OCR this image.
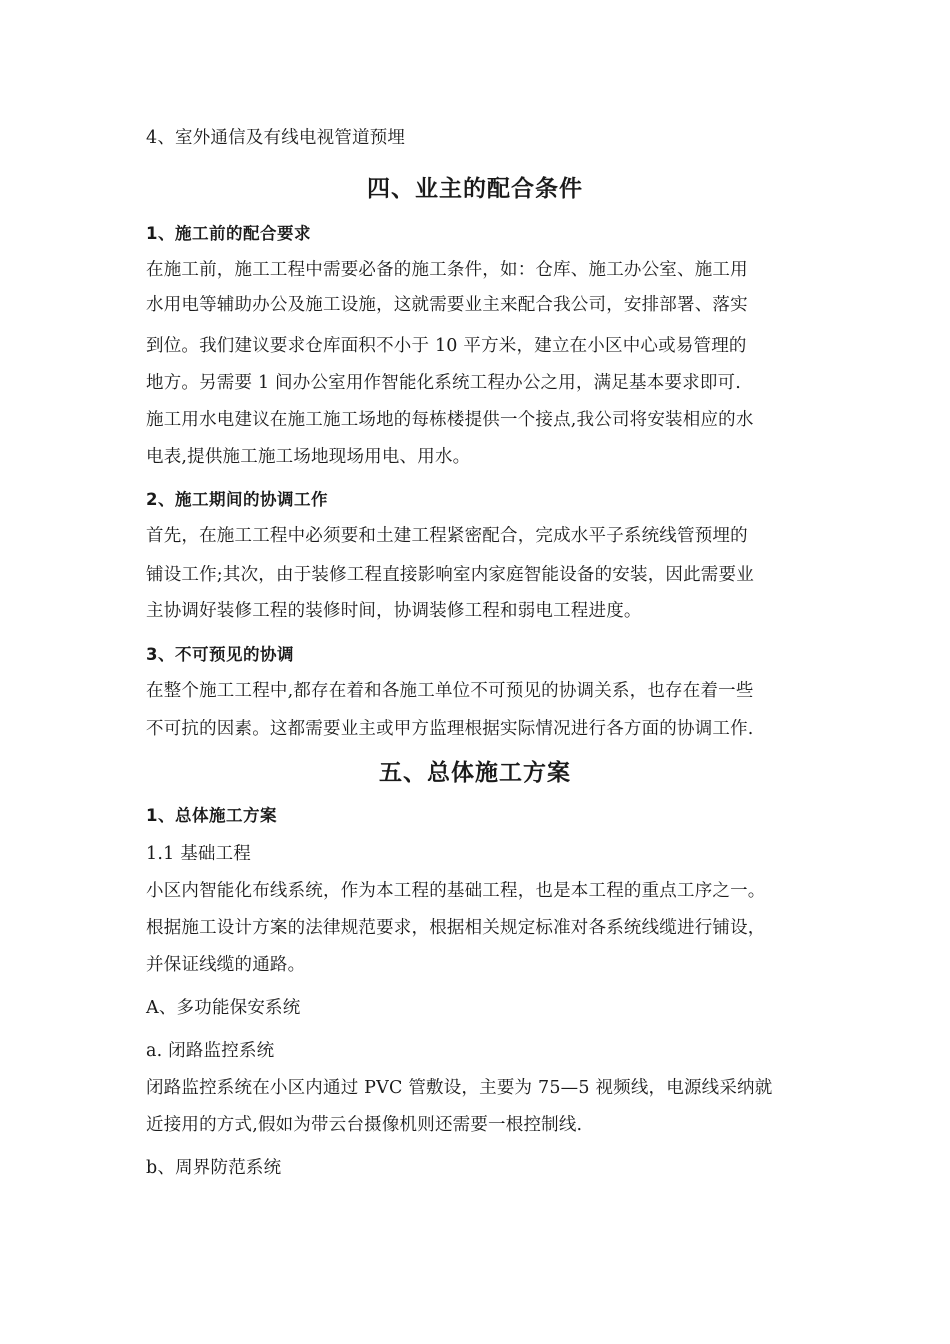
4、室外通信及有线电视管道预埋
四、业主的配合条件
1、施工前的配合要求
在施工前，施工工程中需要必备的施工条件，如：仓库、施工办公室、施工用
水用电等辅助办公及施工设施，这就需要业主来配合我公司，安排部署、落实
到位。我们建议要求仓库面积不小于 10 平方米，建立在小区中心或易管理的
地方。另需要 1 间办公室用作智能化系统工程办公之用，满足基本要求即可.
施工用水电建议在施工施工场地的每栋楼提供一个接点,我公司将安装相应的水
电表,提供施工施工场地现场用电、用水。
2、施工期间的协调工作
首先，在施工工程中必须要和土建工程紧密配合，完成水平子系统线管预埋的
铺设工作;其次，由于装修工程直接影响室内家庭智能设备的安装，因此需要业
主协调好装修工程的装修时间，协调装修工程和弱电工程进度。
3、不可预见的协调
在整个施工工程中,都存在着和各施工单位不可预见的协调关系，也存在着一些
不可抗的因素。这都需要业主或甲方监理根据实际情况进行各方面的协调工作.
五、总体施工方案
1、总体施工方案
1.1 基础工程
小区内智能化布线系统，作为本工程的基础工程，也是本工程的重点工序之一。
根据施工设计方案的法律规范要求，根据相关规定标准对各系统线缆进行铺设，
并保证线缆的通路。
A、多功能保安系统
a. 闭路监控系统
闭路监控系统在小区内通过 PVC 管敷设，主要为 75—5 视频线，电源线采纳就
近接用的方式,假如为带云台摄像机则还需要一根控制线.
b、周界防范系统
